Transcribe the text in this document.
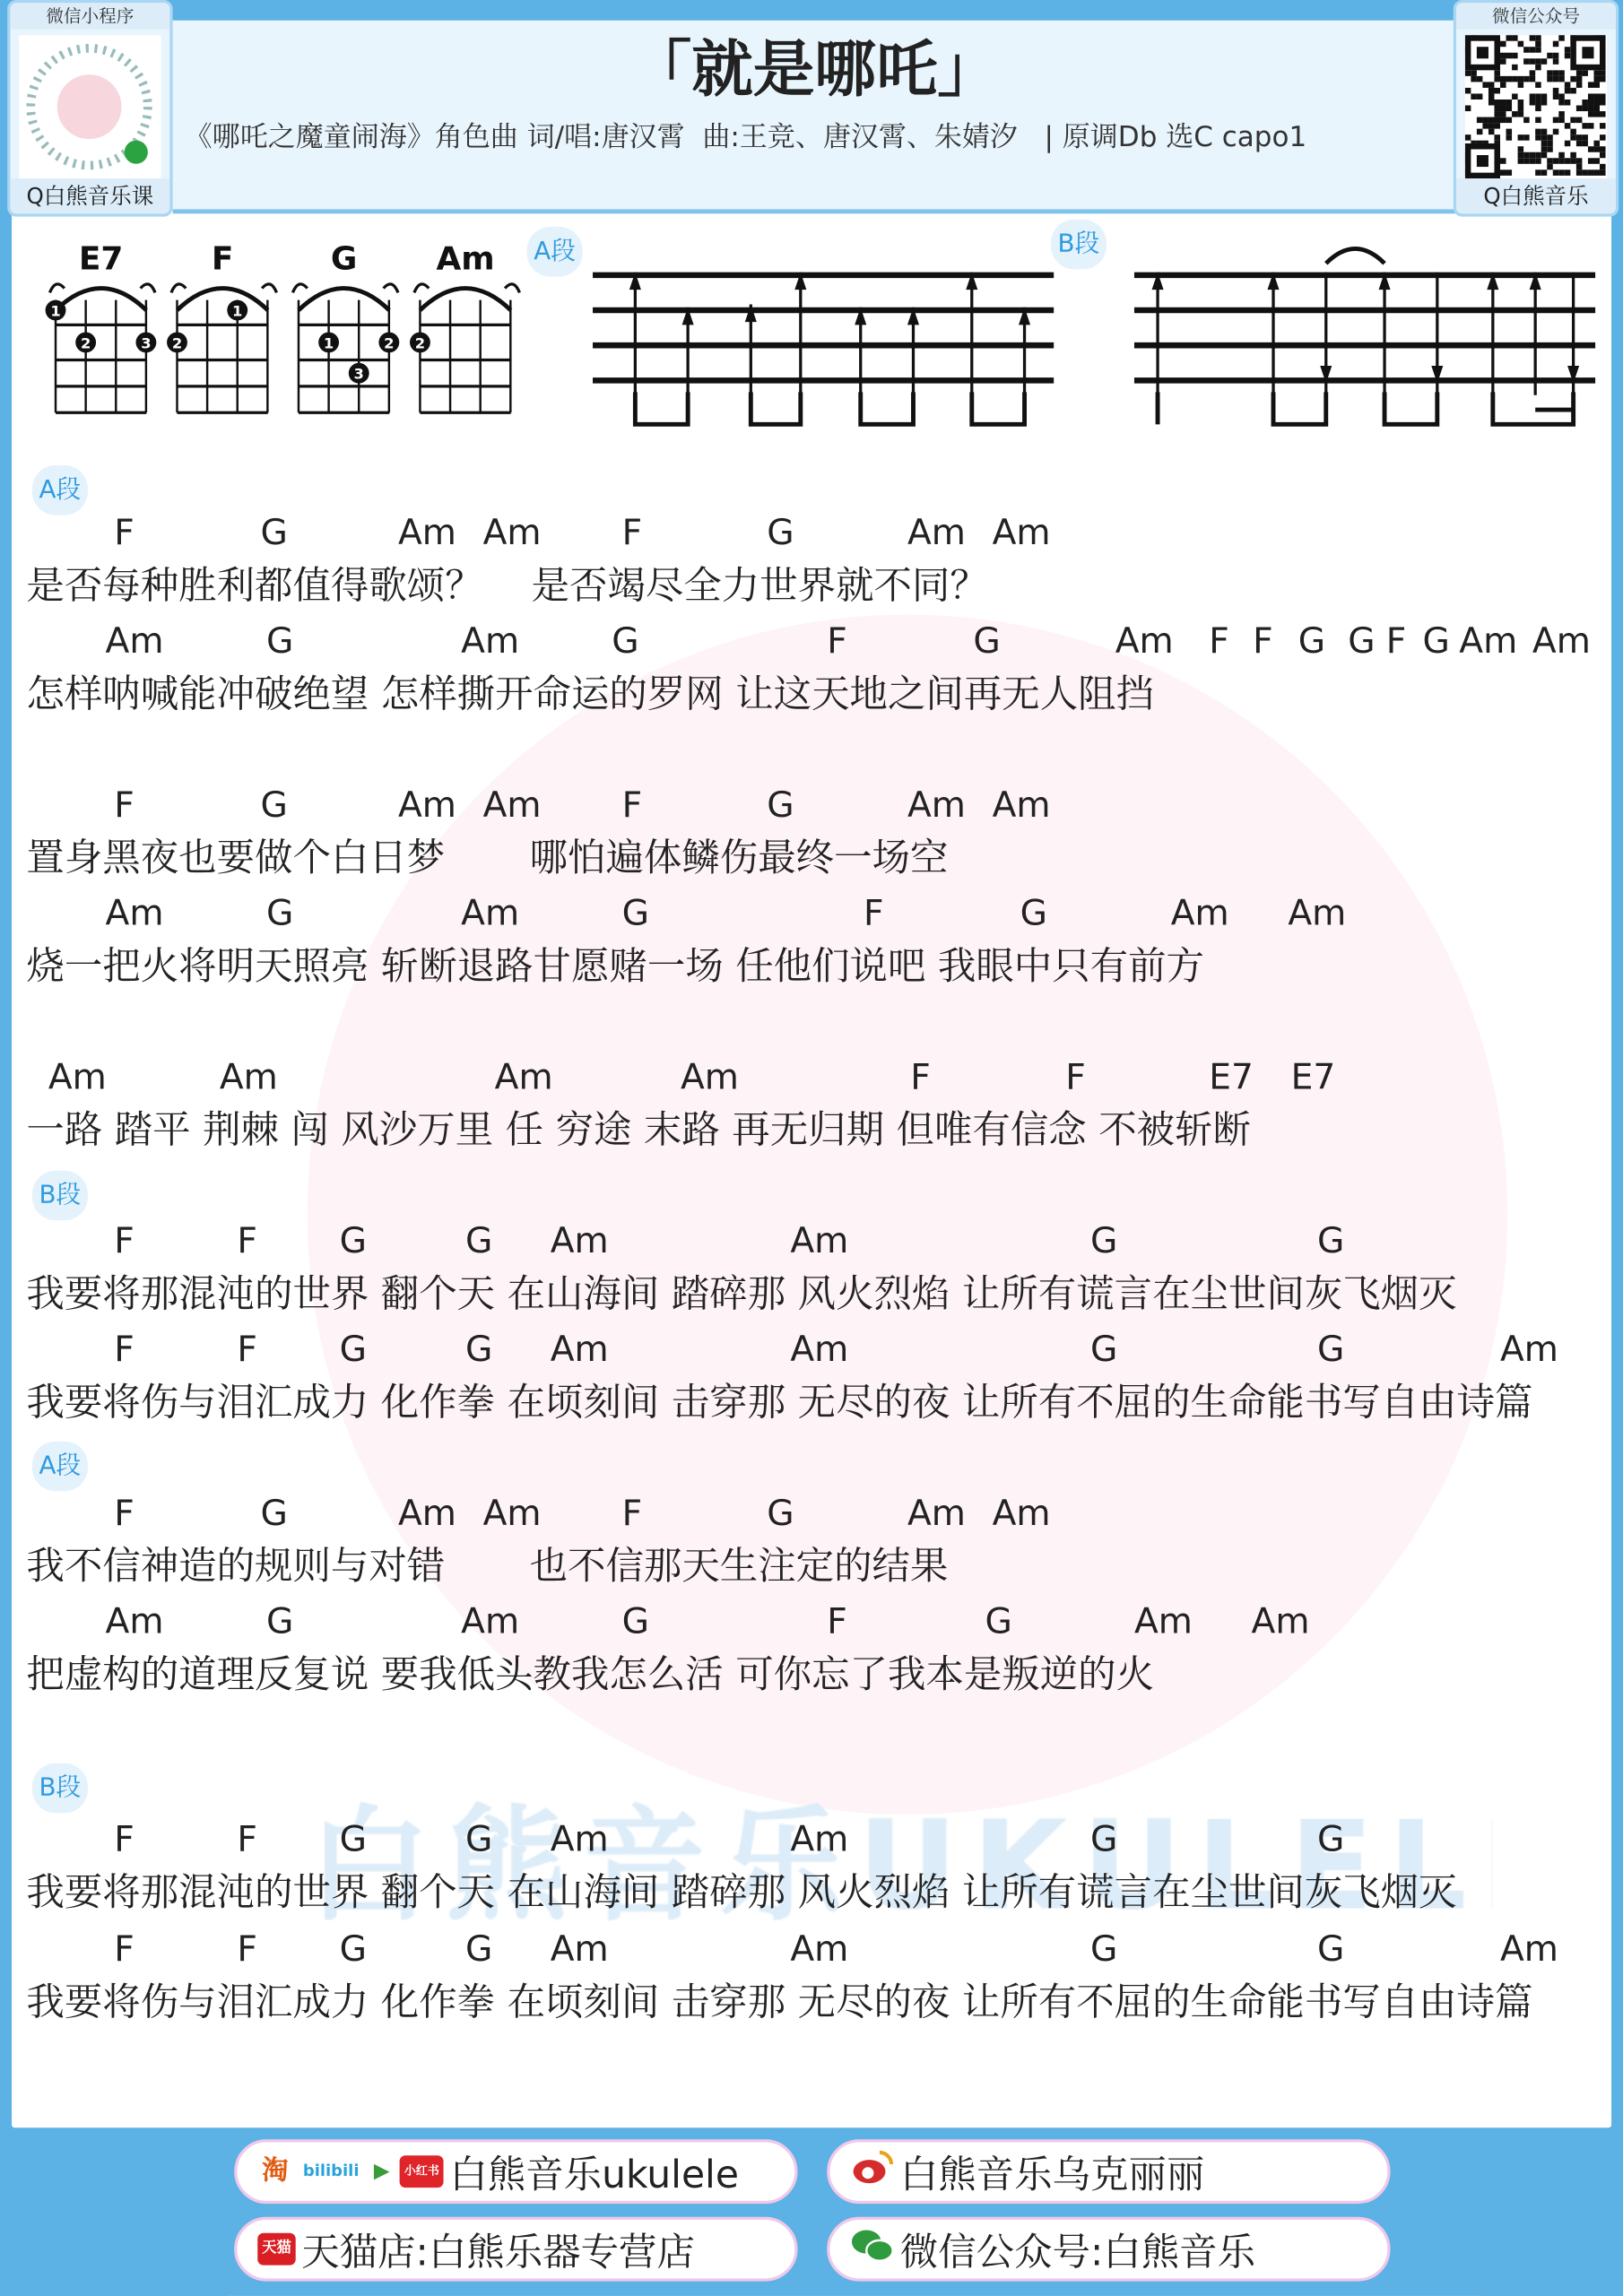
微信小程序
Q白熊音乐课
微信公众号
Q白熊音乐
「就是哪吒」
《哪吒之魔童闹海》角色曲 词/唱:唐汉霄  曲:王竞、唐汉霄、朱婧汐   | 原调Db 选C capo1
E7
1
2	3
F
2
1
G
1	2
3
Am
2
A段	B段
F	G	Am Am	F	G	Am Am
是否每种胜利都值得歌颂？    是否竭尽全力世界就不同？
Am	G	Am	G	F	G	Am F F G G F G Am Am
怎样呐喊能冲破绝望 怎样撕开命运的罗网 让这天地之间再无人阻挡
F	G	Am Am	F	G	Am Am
置身黑夜也要做个白日梦       哪怕遍体鳞伤最终一场空
Am	G	Am	G	F	G	Am	Am
烧一把火将明天照亮 斩断退路甘愿赌一场 任他们说吧 我眼中只有前方
Am	Am	Am	Am	F	F	E7 E7
一路 踏平 荆棘 闯 风沙万里 任 穷途 末路 再无归期 但唯有信念 不被斩断
F	F	G	G	Am	Am	G	G
我要将那混沌的世界 翻个天 在山海间 踏碎那 风火烈焰 让所有谎言在尘世间灰飞烟灭
F	F	G	G	Am	Am	G	G	Am
我要将伤与泪汇成力 化作拳 在顷刻间 击穿那 无尽的夜 让所有不屈的生命能书写自由诗篇
F	G	Am Am	F	G	Am Am
我不信神造的规则与对错       也不信那天生注定的结果
Am	G	Am	G	F	G	Am	Am
把虚构的道理反复说 要我低头教我怎么活 可你忘了我本是叛逆的火
F	F	G	G	Am	Am	G	G
我要将那混沌的世界 翻个天 在山海间 踏碎那 风火烈焰 让所有谎言在尘世间灰飞烟灭
F	F	G	G	Am	Am	G	G	Am
我要将伤与泪汇成力 化作拳 在顷刻间 击穿那 无尽的夜 让所有不屈的生命能书写自由诗篇
A段
B段
A段
B段
淘	bilibili	▶	小红书 白熊音乐ukulele	白熊音乐乌克丽丽
天猫 天猫店:白熊乐器专营店	微信公众号:白熊音乐
